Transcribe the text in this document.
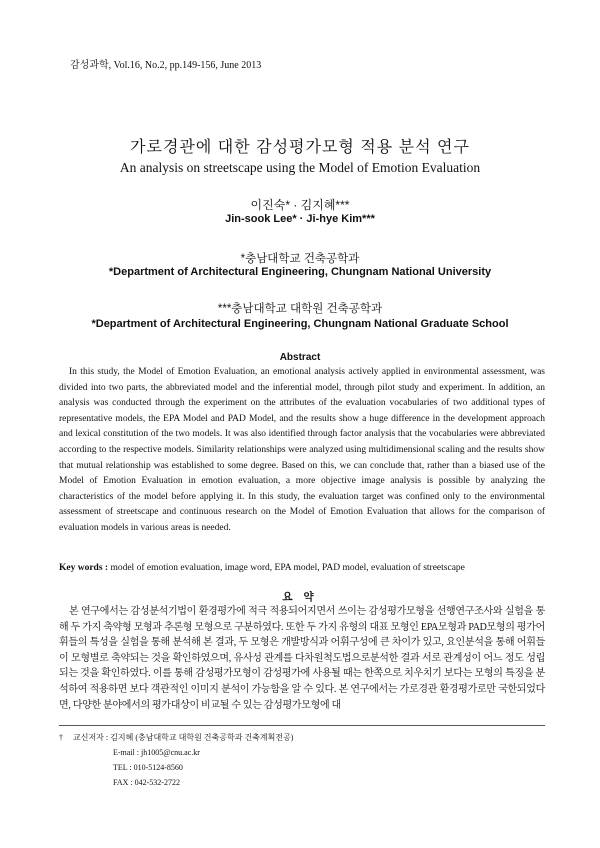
감성과학, Vol.16, No.2, pp.149-156, June 2013
가로경관에 대한 감성평가모형 적용 분석 연구
An analysis on streetscape using the Model of Emotion Evaluation
이진숙* · 김지혜***
Jin-sook Lee* · Ji-hye Kim***
*충남대학교 건축공학과
*Department of Architectural Engineering, Chungnam National University
***충남대학교 대학원 건축공학과
*Department of Architectural Engineering, Chungnam National Graduate School
Abstract

In this study, the Model of Emotion Evaluation, an emotional analysis actively applied in environmental assessment, was divided into two parts, the abbreviated model and the inferential model, through pilot study and experiment. In addition, an analysis was conducted through the experiment on the attributes of the evaluation vocabularies of two additional types of representative models, the EPA Model and PAD Model, and the results show a huge difference in the development approach and lexical constitution of the two models. It was also identified through factor analysis that the vocabularies were abbreviated according to the respective models. Similarity relationships were analyzed using multidimensional scaling and the results show that mutual relationship was established to some degree. Based on this, we can conclude that, rather than a biased use of the Model of Emotion Evaluation in emotion evaluation, a more objective image analysis is possible by analyzing the characteristics of the model before applying it. In this study, the evaluation target was confined only to the environmental assessment of streetscape and continuous research on the Model of Emotion Evaluation that allows for the comparison of evaluation models in various areas is needed.

Key words : model of emotion evaluation, image word, EPA model, PAD model, evaluation of streetscape

요 약

본 연구에서는 감성분석기법이 환경평가에 적극 적용되어지면서 쓰이는 감성평가모형을 선행연구조사와 실험을 통해 두 가지 축약형 모형과 추론형 모형으로 구분하였다. 또한 두 가지 유형의 대표 모형인 EPA모형과 PAD모형의 평가어휘들의 특성을 실험을 통해 분석해 본 결과, 두 모형은 개발방식과 어휘구성에 큰 차이가 있고, 요인분석을 통해 어휘들이 모형별로 축약되는 것을 확인하였으며, 유사성 관계를 다차원척도법으로분석한 결과 서로 관계성이 어느 정도 성립되는 것을 확인하였다. 이를 통해 감성평가모형이 감성평가에 사용될 때는 한쪽으로 치우치기 보다는 모형의 특징을 분석하여 적용하면 보다 객관적인 이미지 분석이 가능함을 알 수 있다. 본 연구에서는 가로경관 환경평가로만 국한되었다면, 다양한 분야에서의 평가대상이 비교될 수 있는 감성평가모형에 대

† 교신저자 : 김지혜 (충남대학교 대학원 건축공학과 건축계획전공)
E-mail : jh1005@cnu.ac.kr
TEL : 010-5124-8560
FAX : 042-532-2722
